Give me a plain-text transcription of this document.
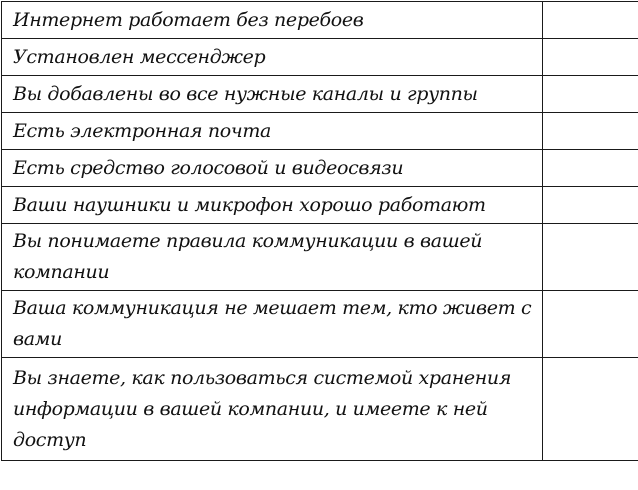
Интернет работает без перебоев	
Установлен мессенджер	
Вы добавлены во все нужные каналы и группы	
Есть электронная почта	
Есть средство голосовой и видеосвязи	
Ваши наушники и микрофон хорошо работают	
Вы понимаете правила коммуникации в вашей компании	
Ваша коммуникация не мешает тем, кто живет с вами	
Вы знаете, как пользоваться системой хранения информации в вашей компании, и имеете к ней доступ	
